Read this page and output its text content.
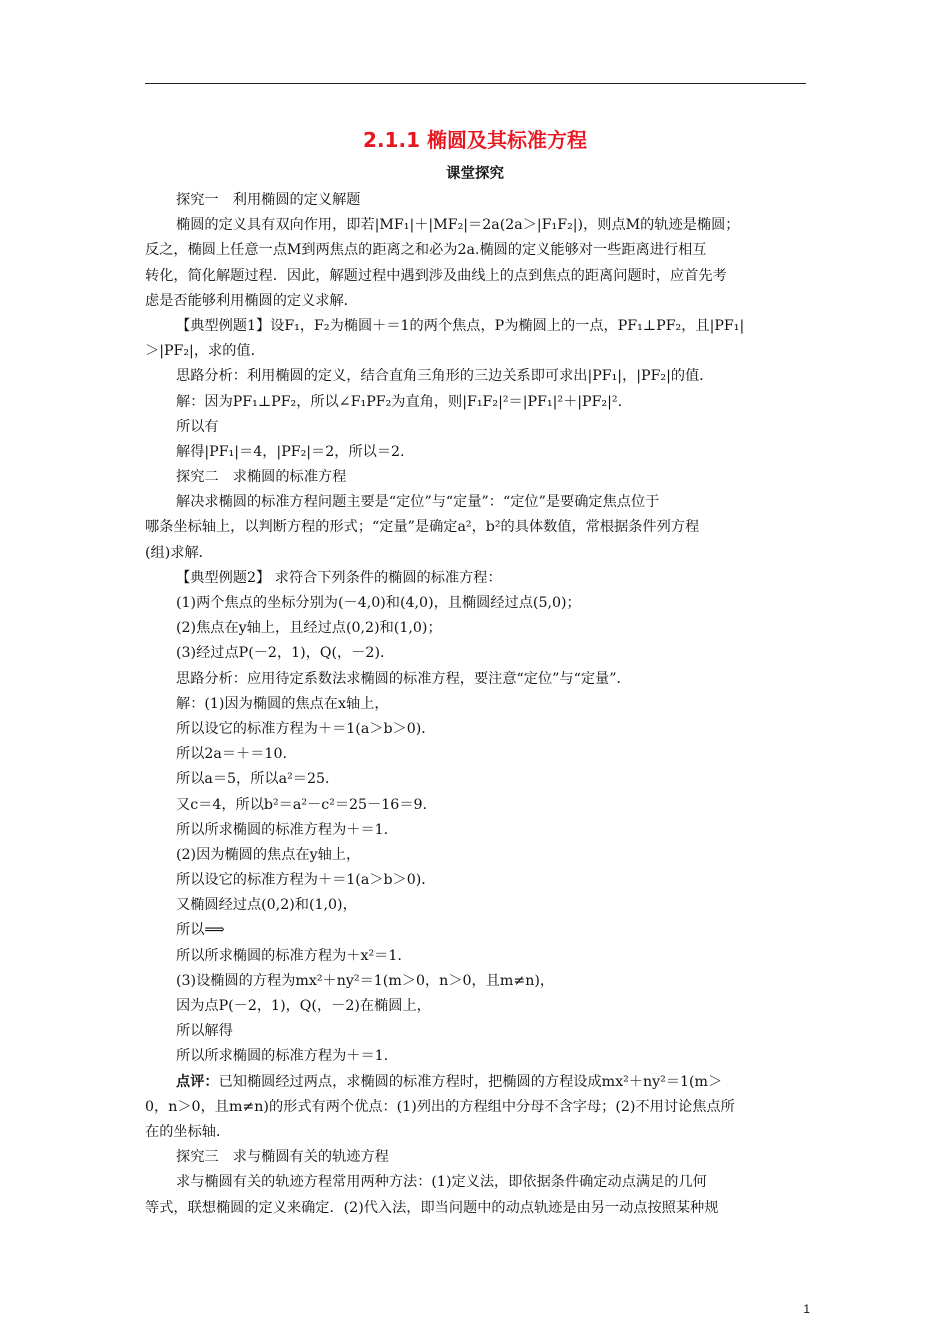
2.1.1 椭圆及其标准方程
课堂探究
探究一　利用椭圆的定义解题
椭圆的定义具有双向作用，即若|MF₁|＋|MF₂|＝2a(2a＞|F₁F₂|)，则点M的轨迹是椭圆；
反之，椭圆上任意一点M到两焦点的距离之和必为2a.椭圆的定义能够对一些距离进行相互
转化，简化解题过程．因此，解题过程中遇到涉及曲线上的点到焦点的距离问题时，应首先考
虑是否能够利用椭圆的定义求解．
【典型例题1】设F₁，F₂为椭圆＋＝1的两个焦点，P为椭圆上的一点，PF₁⊥PF₂，且|PF₁|
＞|PF₂|，求的值．
思路分析：利用椭圆的定义，结合直角三角形的三边关系即可求出|PF₁|，|PF₂|的值．
解：因为PF₁⊥PF₂，所以∠F₁PF₂为直角，则|F₁F₂|²＝|PF₁|²＋|PF₂|².
所以有
解得|PF₁|＝4，|PF₂|＝2，所以＝2.
探究二　求椭圆的标准方程
解决求椭圆的标准方程问题主要是“定位”与“定量”：“定位”是要确定焦点位于
哪条坐标轴上，以判断方程的形式；“定量”是确定a²，b²的具体数值，常根据条件列方程
(组)求解．
【典型例题2】 求符合下列条件的椭圆的标准方程：
(1)两个焦点的坐标分别为(－4,0)和(4,0)，且椭圆经过点(5,0)；
(2)焦点在y轴上，且经过点(0,2)和(1,0)；
(3)经过点P(－2，1)，Q(，－2)．
思路分析：应用待定系数法求椭圆的标准方程，要注意“定位”与“定量”．
解：(1)因为椭圆的焦点在x轴上，
所以设它的标准方程为＋＝1(a＞b＞0)．
所以2a＝＋＝10.
所以a＝5，所以a²＝25.
又c＝4，所以b²＝a²－c²＝25－16＝9.
所以所求椭圆的标准方程为＋＝1.
(2)因为椭圆的焦点在y轴上，
所以设它的标准方程为＋＝1(a＞b＞0)．
又椭圆经过点(0,2)和(1,0)，
所以⟹
所以所求椭圆的标准方程为＋x²＝1.
(3)设椭圆的方程为mx²＋ny²＝1(m＞0，n＞0，且m≠n)，
因为点P(－2，1)，Q(，－2)在椭圆上，
所以解得
所以所求椭圆的标准方程为＋＝1.
点评：已知椭圆经过两点，求椭圆的标准方程时，把椭圆的方程设成mx²＋ny²＝1(m＞
0，n＞0，且m≠n)的形式有两个优点：(1)列出的方程组中分母不含字母；(2)不用讨论焦点所
在的坐标轴．
探究三　求与椭圆有关的轨迹方程
求与椭圆有关的轨迹方程常用两种方法：(1)定义法，即依据条件确定动点满足的几何
等式，联想椭圆的定义来确定．(2)代入法，即当问题中的动点轨迹是由另一动点按照某种规
1
